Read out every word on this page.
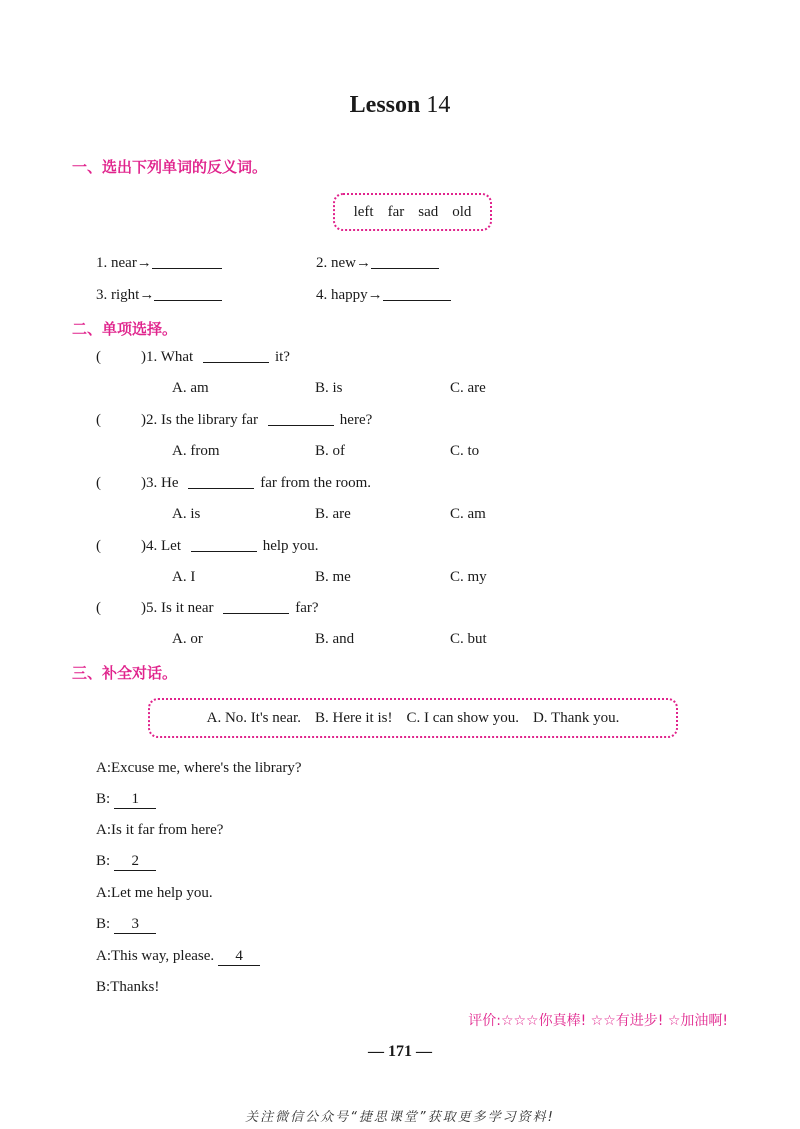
Lesson 14
一、选出下列单词的反义词。
left far sad old
1. near→	2. new→
3. right→	4. happy→
二、单项选择。
(	)1. What	it?
A. am	B. is	C. are
(	)2. Is the library far	here?
A. from	B. of	C. to
(	)3. He	far from the room.
A. is	B. are	C. am
(	)4. Let	help you.
A. I	B. me	C. my
(	)5. Is it near	far?
A. or	B. and	C. but
三、补全对话。
A. No. It's near. B. Here it is! C. I can show you. D. Thank you.
A:Excuse me, where's the library?
B: 1
A:Is it far from here?
B: 2
A:Let me help you.
B: 3
A:This way, please. 4
B:Thanks!
评价:☆☆☆你真棒! ☆☆有进步! ☆加油啊!
— 171 —
关注微信公众号“捷思课堂”获取更多学习资料!
